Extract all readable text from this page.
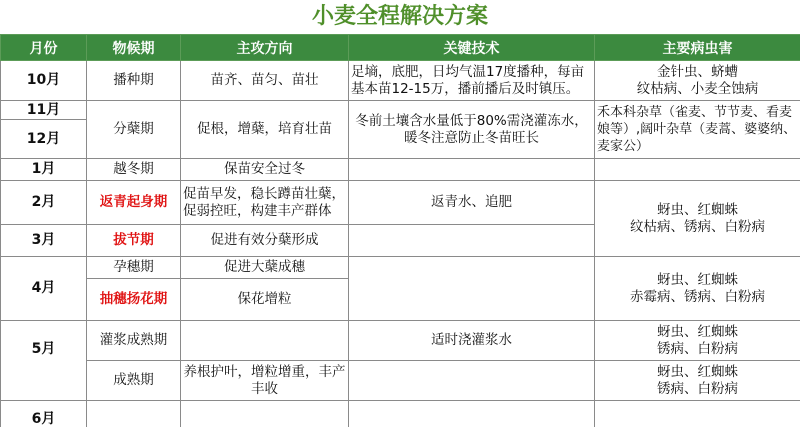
小麦全程解决方案
月份	物候期	主攻方向	关键技术	主要病虫害
10月	播种期	苗齐、苗匀、苗壮	足墒，底肥，日均气温17度播种，每亩基本苗12-15万，播前播后及时镇压。	金针虫、蛴螬
纹枯病、小麦全蚀病
11月	分蘖期	促根，增蘖，培育壮苗	冬前土壤含水量低于80%需浇灌冻水，暖冬注意防止冬苗旺长	禾本科杂草（雀麦、节节麦、看麦娘等）,阔叶杂草（麦蒿、婆婆纳、麦家公）
12月				
1月	越冬期	保苗安全过冬		
2月	返青起身期	促苗早发，稳长蹲苗壮蘖，促弱控旺，构建丰产群体	返青水、追肥	蚜虫、红蜘蛛
纹枯病、锈病、白粉病
3月	拔节期	促进有效分蘖形成		
4月	孕穗期	促进大蘖成穗		蚜虫、红蜘蛛
赤霉病、锈病、白粉病
	抽穗扬花期	保花增粒		
5月	灌浆成熟期		适时浇灌浆水	蚜虫、红蜘蛛
锈病、白粉病
	成熟期	养根护叶，增粒增重，丰产丰收		蚜虫、红蜘蛛
锈病、白粉病
6月				
